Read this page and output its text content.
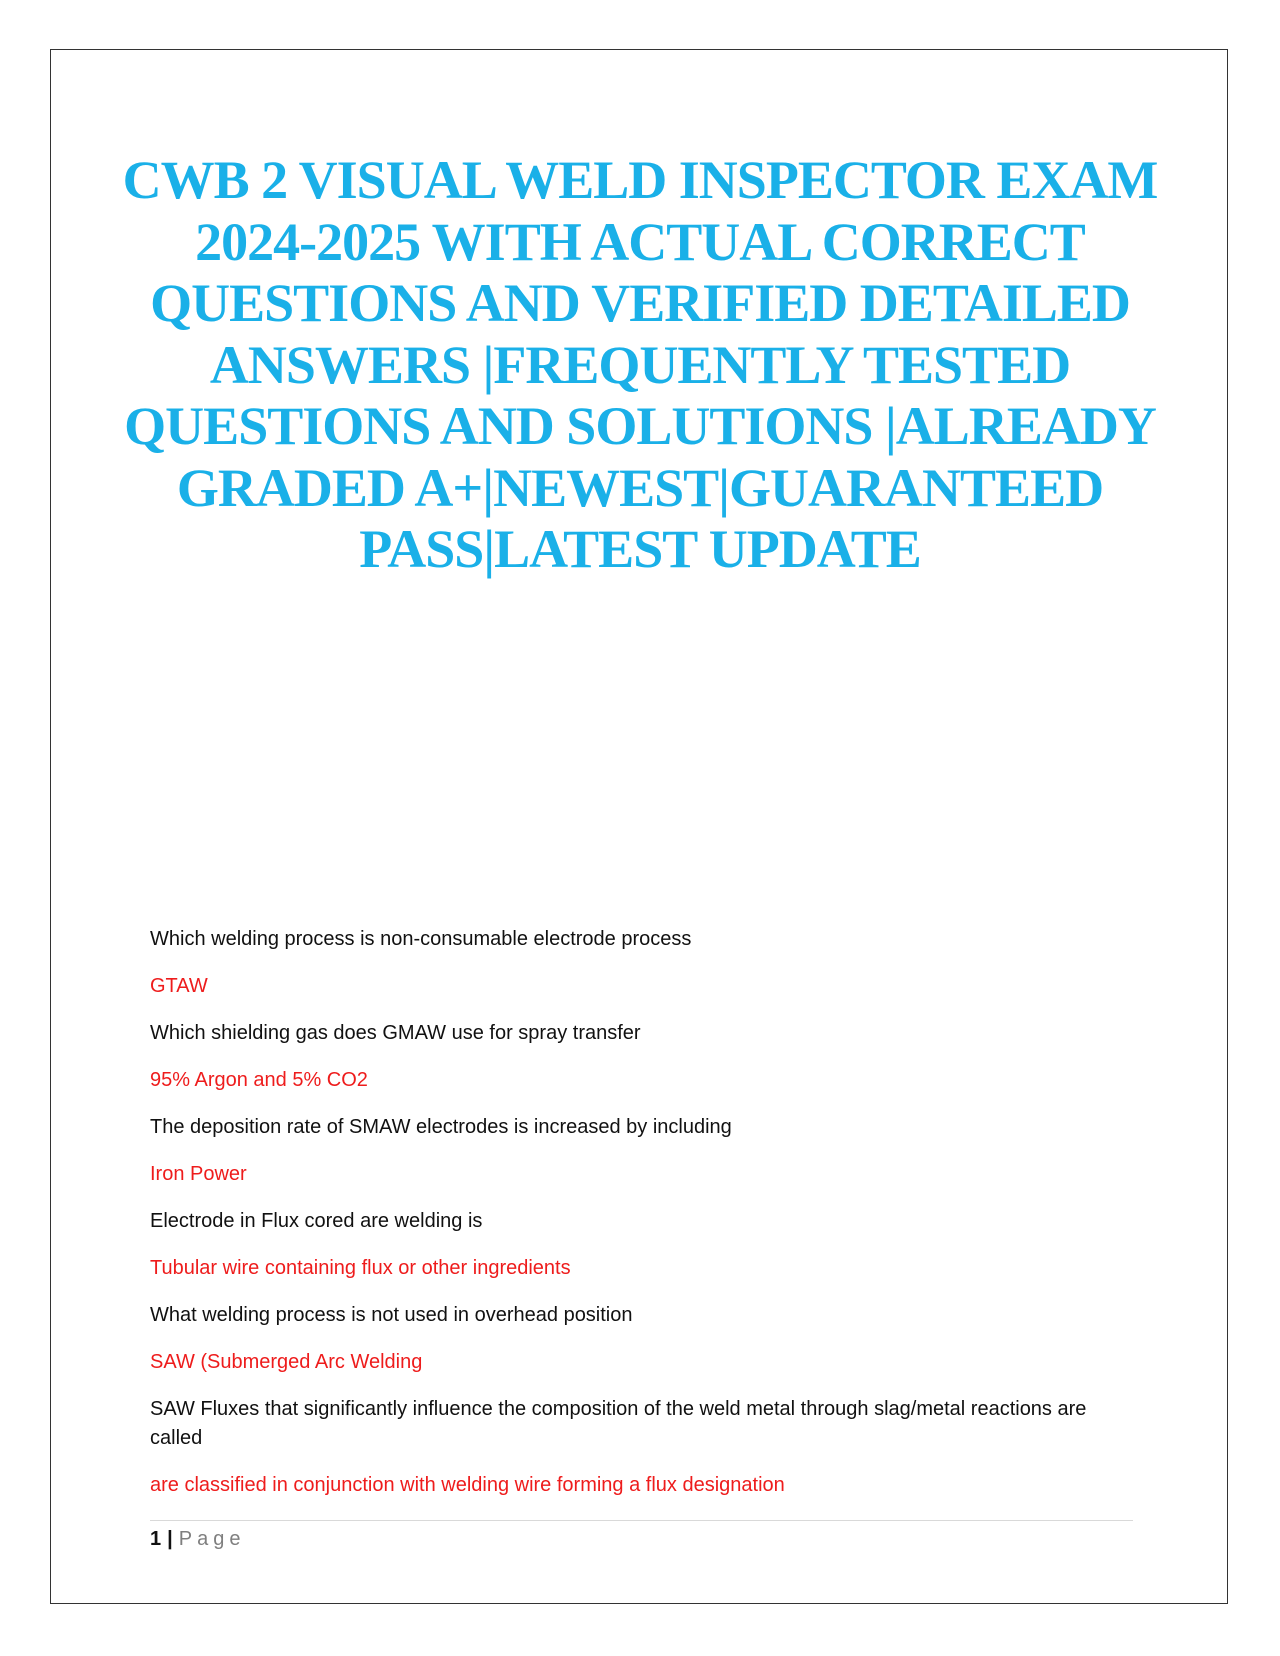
CWB 2 VISUAL WELD INSPECTOR EXAM 2024-2025 WITH ACTUAL CORRECT QUESTIONS AND VERIFIED DETAILED ANSWERS |FREQUENTLY TESTED QUESTIONS AND SOLUTIONS |ALREADY GRADED A+|NEWEST|GUARANTEED PASS|LATEST UPDATE

Which welding process is non-consumable electrode process

GTAW

Which shielding gas does GMAW use for spray transfer

95% Argon and 5% CO2

The deposition rate of SMAW electrodes is increased by including

Iron Power

Electrode in Flux cored are welding is

Tubular wire containing flux or other ingredients

What welding process is not used in overhead position

SAW (Submerged Arc Welding

SAW Fluxes that significantly influence the composition of the weld metal through slag/metal reactions are called

are classified in conjunction with welding wire forming a flux designation

1 | Page
